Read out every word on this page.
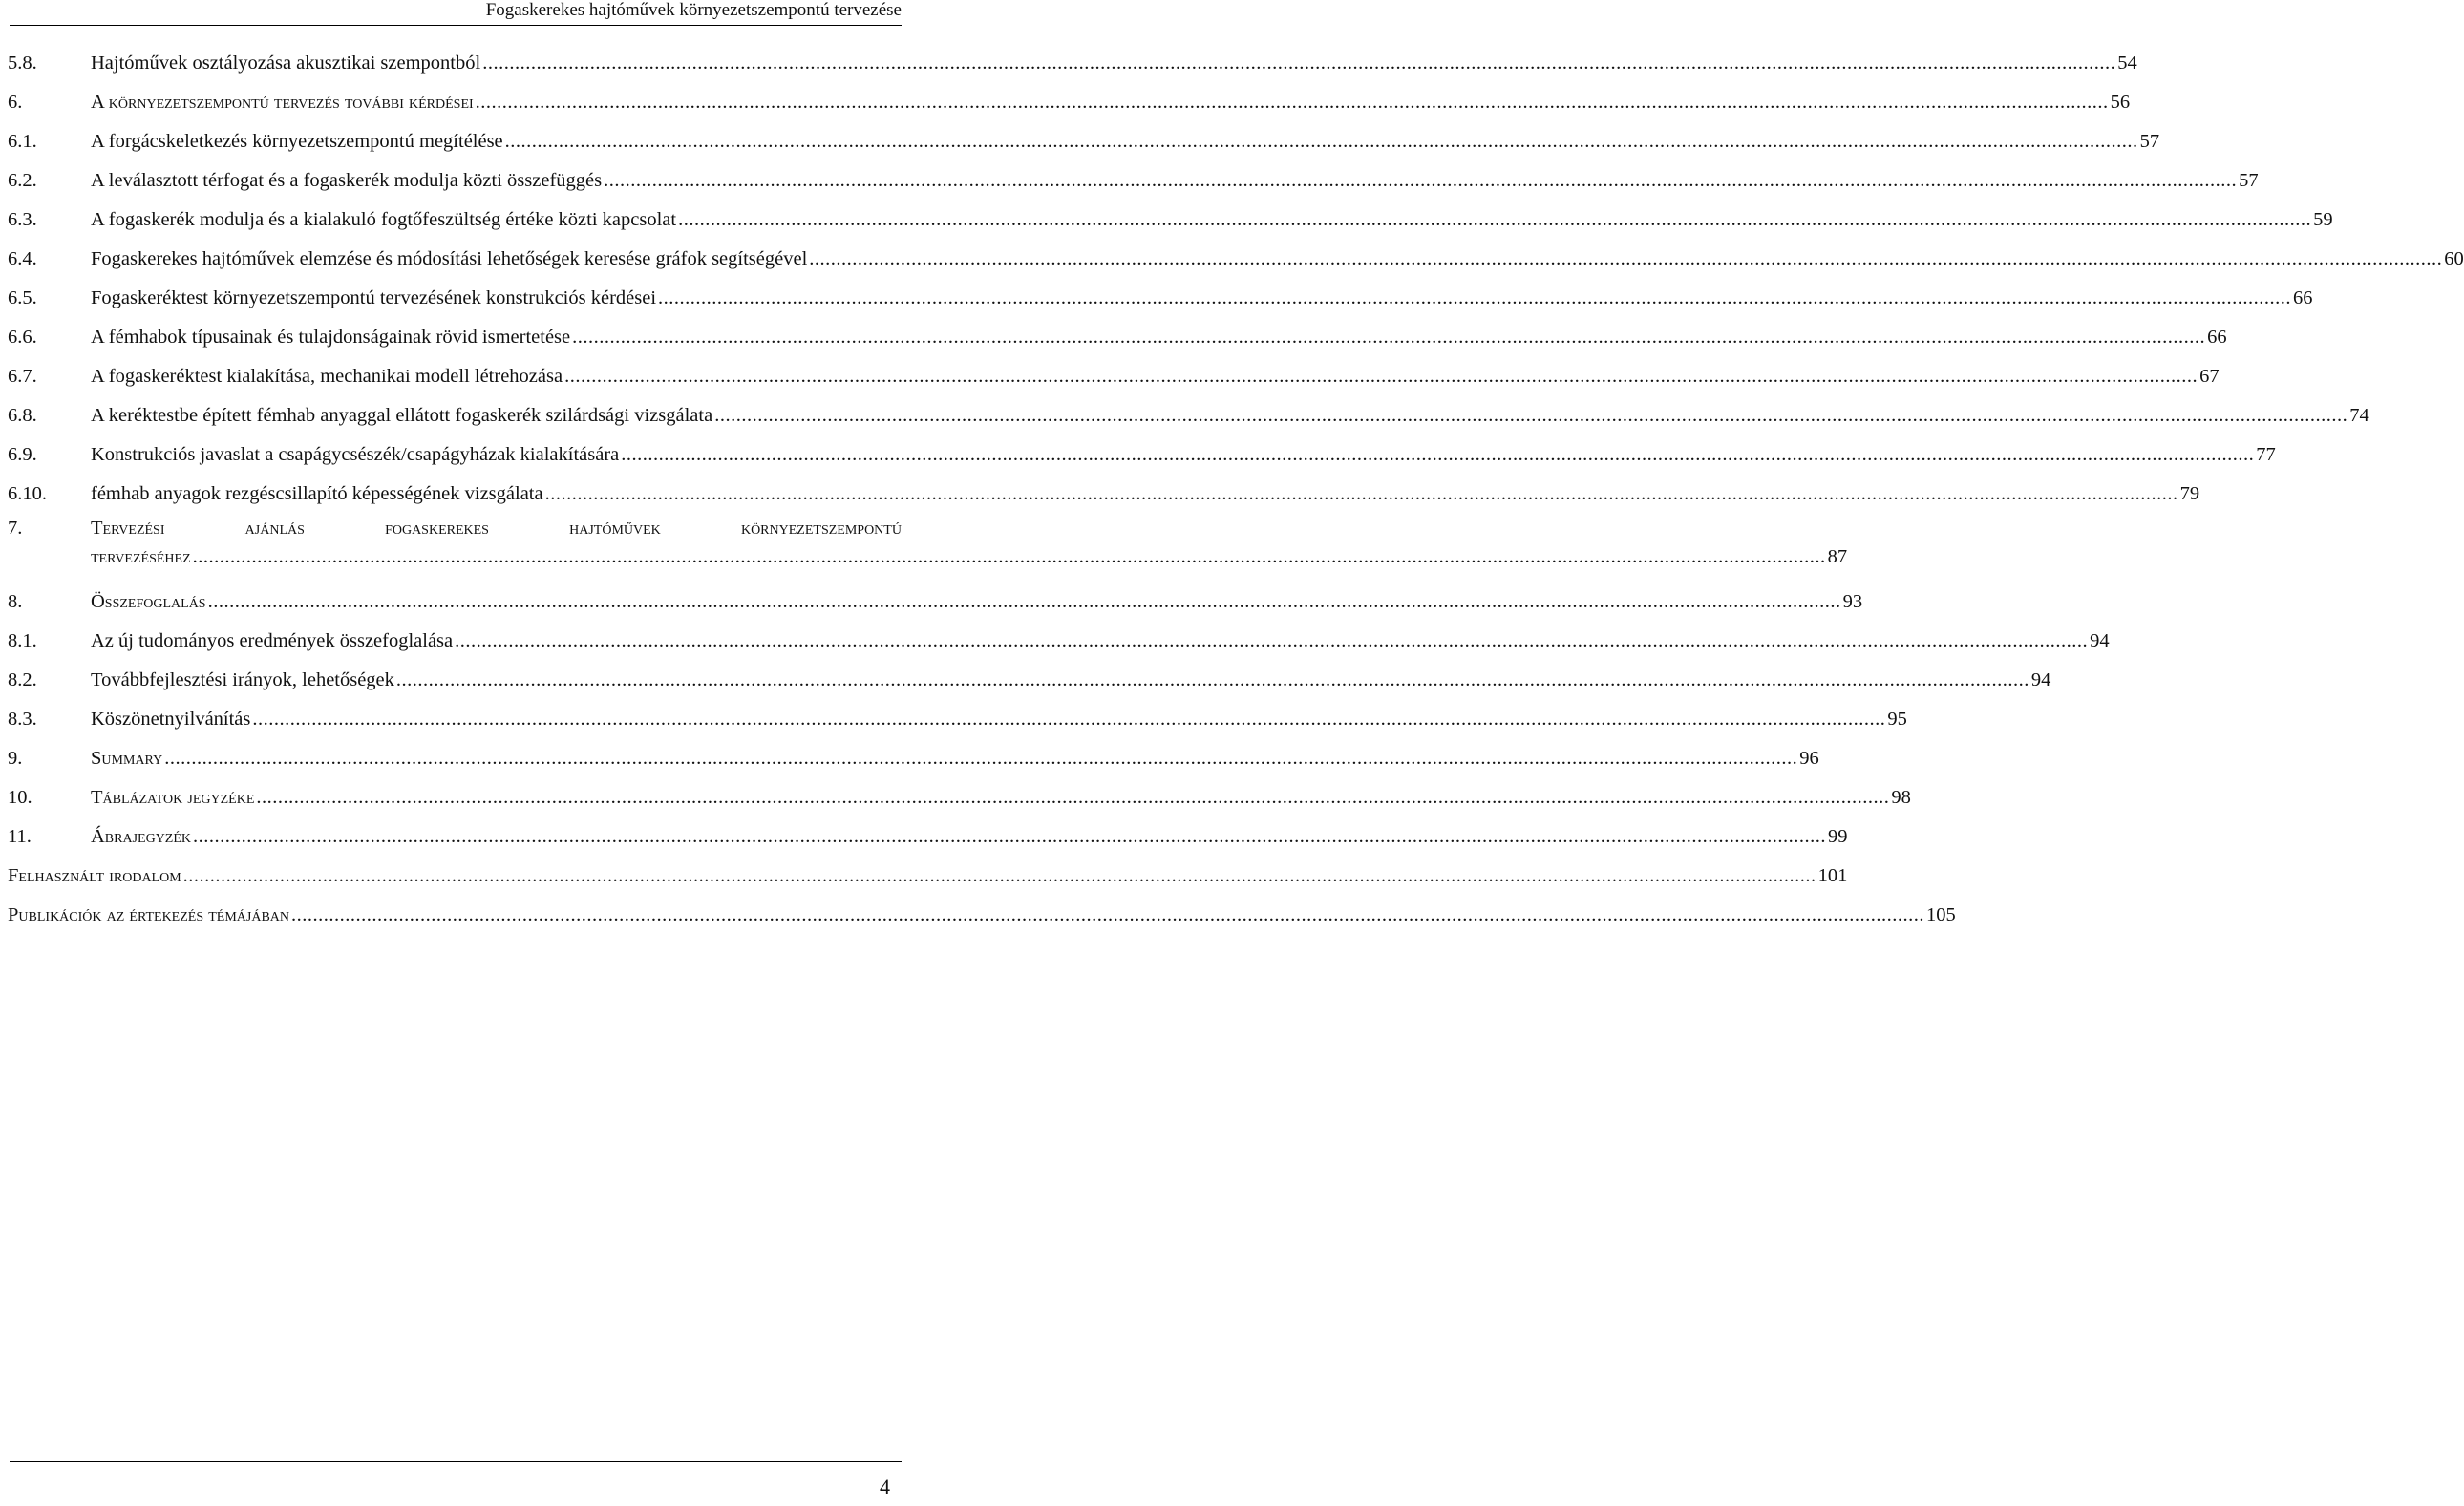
Fogaskerekes hajtóművek környezetszempontú tervezése
5.8.	Hajtóművek osztályozása akusztikai szempontból .....	54
6.	A környezetszempontú tervezés további kérdései .....	56
6.1.	A forgácskeletkezés környezetszempontú megítélése .....	57
6.2.	A leválasztott térfogat és a fogaskerék modulja közti összefüggés .....	57
6.3.	A fogaskerék modulja és a kialakuló fogtőfeszültség értéke közti kapcsolat .....	59
6.4.	Fogaskerekes hajtóművek elemzése és módosítási lehetőségek keresése gráfok segítségével .....	60
6.5.	Fogaskeréktest környezetszempontú tervezésének konstrukciós kérdései .....	66
6.6.	A fémhabok típusainak és tulajdonságainak rövid ismertetése .....	66
6.7.	A fogaskeréktest kialakítása, mechanikai modell létrehozása .....	67
6.8.	A keréktestbe épített fémhab anyaggal ellátott fogaskerék szilárdsági vizsgálata .....	74
6.9.	Konstrukciós javaslat a csapágycsészék/csapágyházak kialakítására .....	77
6.10.	fémhab anyagok rezgéscsillapító képességének vizsgálata .....	79
7.	Tervezési	ajánlás	fogaskerekes	hajtóművek	környezetszempontú
tervezéséhez .....	87
8.	Összefoglalás .....	93
8.1.	Az új tudományos eredmények összefoglalása .....	94
8.2.	Továbbfejlesztési irányok, lehetőségek .....	94
8.3.	Köszönetnyilvánítás .....	95
9.	Summary .....	96
10.	Táblázatok jegyzéke .....	98
11.	Ábrajegyzék .....	99
Felhasznált irodalom .....	101
Publikációk az értekezés témájában .....	105
4
